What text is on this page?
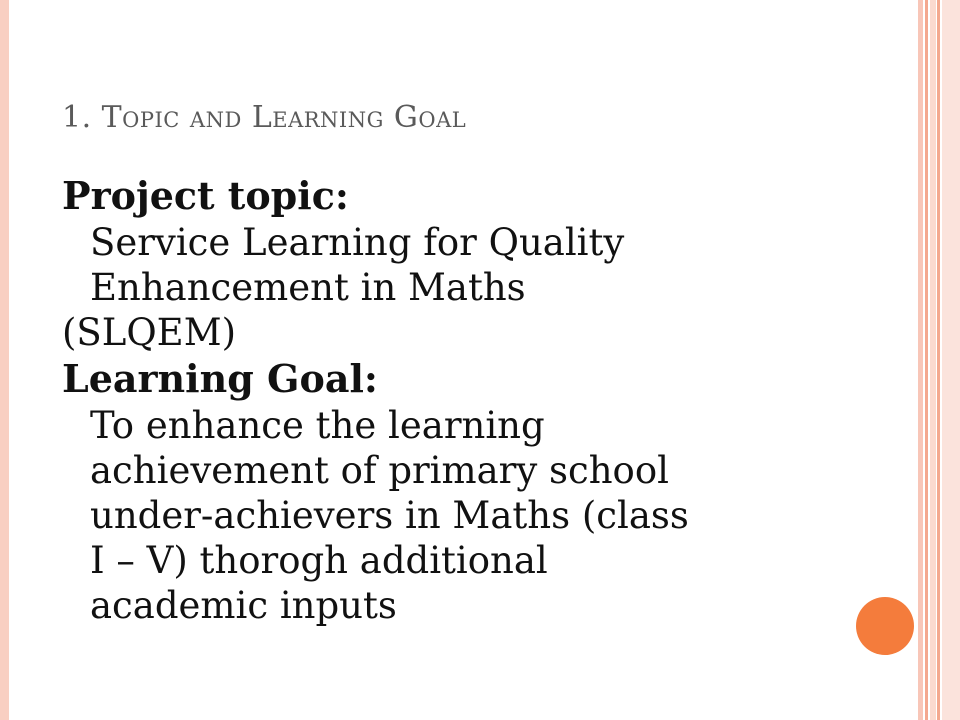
1. Topic and Learning Goal
Project topic:
Service Learning for Quality
Enhancement in Maths
(SLQEM)
Learning Goal:
To enhance the learning
achievement of primary school
under-achievers in Maths (class
I – V) thorogh additional
academic inputs
